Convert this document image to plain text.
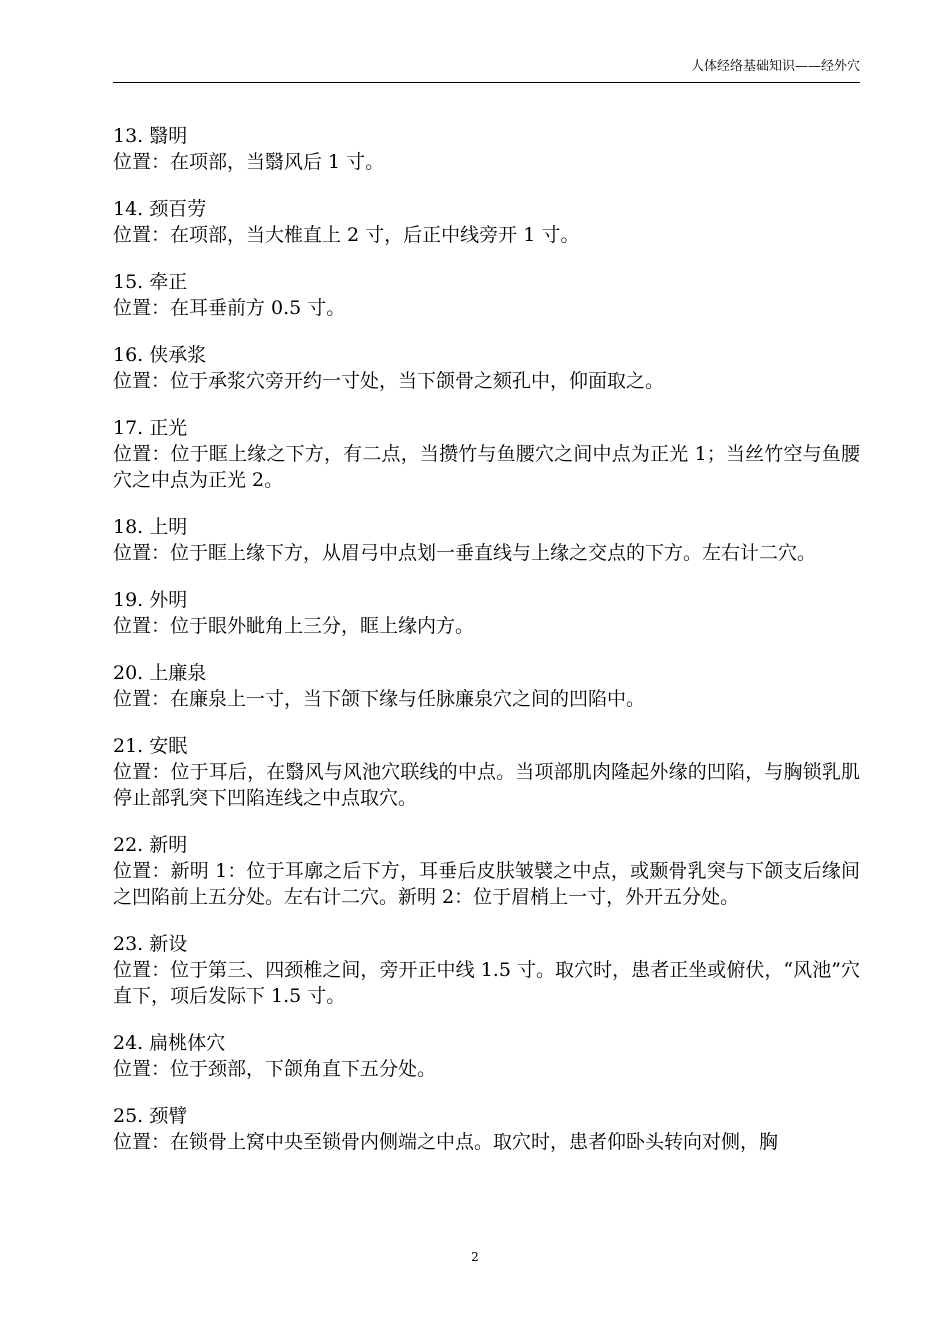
人体经络基础知识——经外穴

13. 翳明

位置：在项部，当翳风后 1 寸。

14. 颈百劳

位置：在项部，当大椎直上 2 寸，后正中线旁开 1 寸。

15. 牵正

位置：在耳垂前方 0.5 寸。

16. 侠承浆

位置：位于承浆穴旁开约一寸处，当下颌骨之颏孔中，仰面取之。

17. 正光

位置：位于眶上缘之下方，有二点，当攒竹与鱼腰穴之间中点为正光 1；当丝竹空与鱼腰穴之中点为正光 2。

18. 上明

位置：位于眶上缘下方，从眉弓中点划一垂直线与上缘之交点的下方。左右计二穴。

19. 外明

位置：位于眼外眦角上三分，眶上缘内方。

20. 上廉泉

位置：在廉泉上一寸，当下颌下缘与任脉廉泉穴之间的凹陷中。

21. 安眠

位置：位于耳后，在翳风与风池穴联线的中点。当项部肌肉隆起外缘的凹陷，与胸锁乳肌停止部乳突下凹陷连线之中点取穴。

22. 新明

位置：新明 1：位于耳廓之后下方，耳垂后皮肤皱襞之中点，或颞骨乳突与下颌支后缘间之凹陷前上五分处。左右计二穴。新明 2：位于眉梢上一寸，外开五分处。

23. 新设

位置：位于第三、四颈椎之间，旁开正中线 1.5 寸。取穴时，患者正坐或俯伏，“风池”穴直下，项后发际下 1.5 寸。

24. 扁桃体穴

位置：位于颈部，下颌角直下五分处。

25. 颈臂

位置：在锁骨上窝中央至锁骨内侧端之中点。取穴时，患者仰卧头转向对侧，胸

2
